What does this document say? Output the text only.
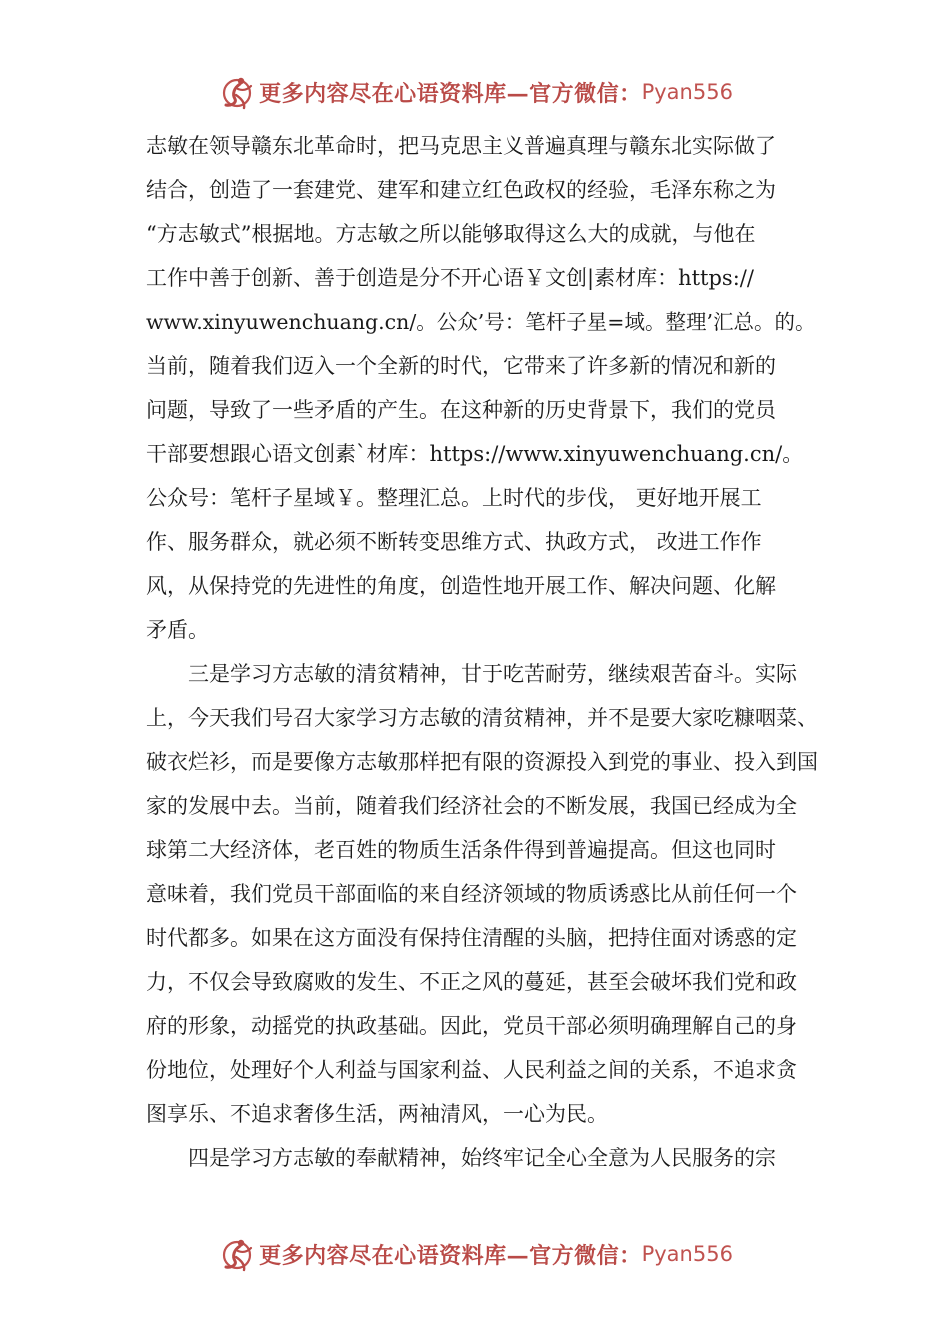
更多内容尽在心语资料库—官方微信： Pyan556
志敏在领导赣东北革命时，把马克思主义普遍真理与赣东北实际做了
结合，创造了一套建党、建军和建立红色政权的经验，毛泽东称之为
“方志敏式”根据地。方志敏之所以能够取得这么大的成就，与他在
工作中善于创新、善于创造是分不开心语￥文创|素材库：https://
www.xinyuwenchuang.cn/。公众’号：笔杆子星=域。整理’汇总。的。
当前，随着我们迈入一个全新的时代，它带来了许多新的情况和新的
问题，导致了一些矛盾的产生。在这种新的历史背景下，我们的党员
干部要想跟心语文创素`材库：https://www.xinyuwenchuang.cn/。
公众号：笔杆子星域￥。整理汇总。上时代的步伐， 更好地开展工
作、服务群众，就必须不断转变思维方式、执政方式， 改进工作作
风，从保持党的先进性的角度，创造性地开展工作、解决问题、化解
矛盾。
　　三是学习方志敏的清贫精神，甘于吃苦耐劳，继续艰苦奋斗。实际
上，今天我们号召大家学习方志敏的清贫精神，并不是要大家吃糠咽菜、
破衣烂衫，而是要像方志敏那样把有限的资源投入到党的事业、投入到国
家的发展中去。当前，随着我们经济社会的不断发展，我国已经成为全
球第二大经济体，老百姓的物质生活条件得到普遍提高。但这也同时
意味着，我们党员干部面临的来自经济领域的物质诱惑比从前任何一个
时代都多。如果在这方面没有保持住清醒的头脑，把持住面对诱惑的定
力，不仅会导致腐败的发生、不正之风的蔓延，甚至会破坏我们党和政
府的形象，动摇党的执政基础。因此，党员干部必须明确理解自己的身
份地位，处理好个人利益与国家利益、人民利益之间的关系，不追求贪
图享乐、不追求奢侈生活，两袖清风，一心为民。
　　四是学习方志敏的奉献精神，始终牢记全心全意为人民服务的宗
更多内容尽在心语资料库—官方微信： Pyan556
